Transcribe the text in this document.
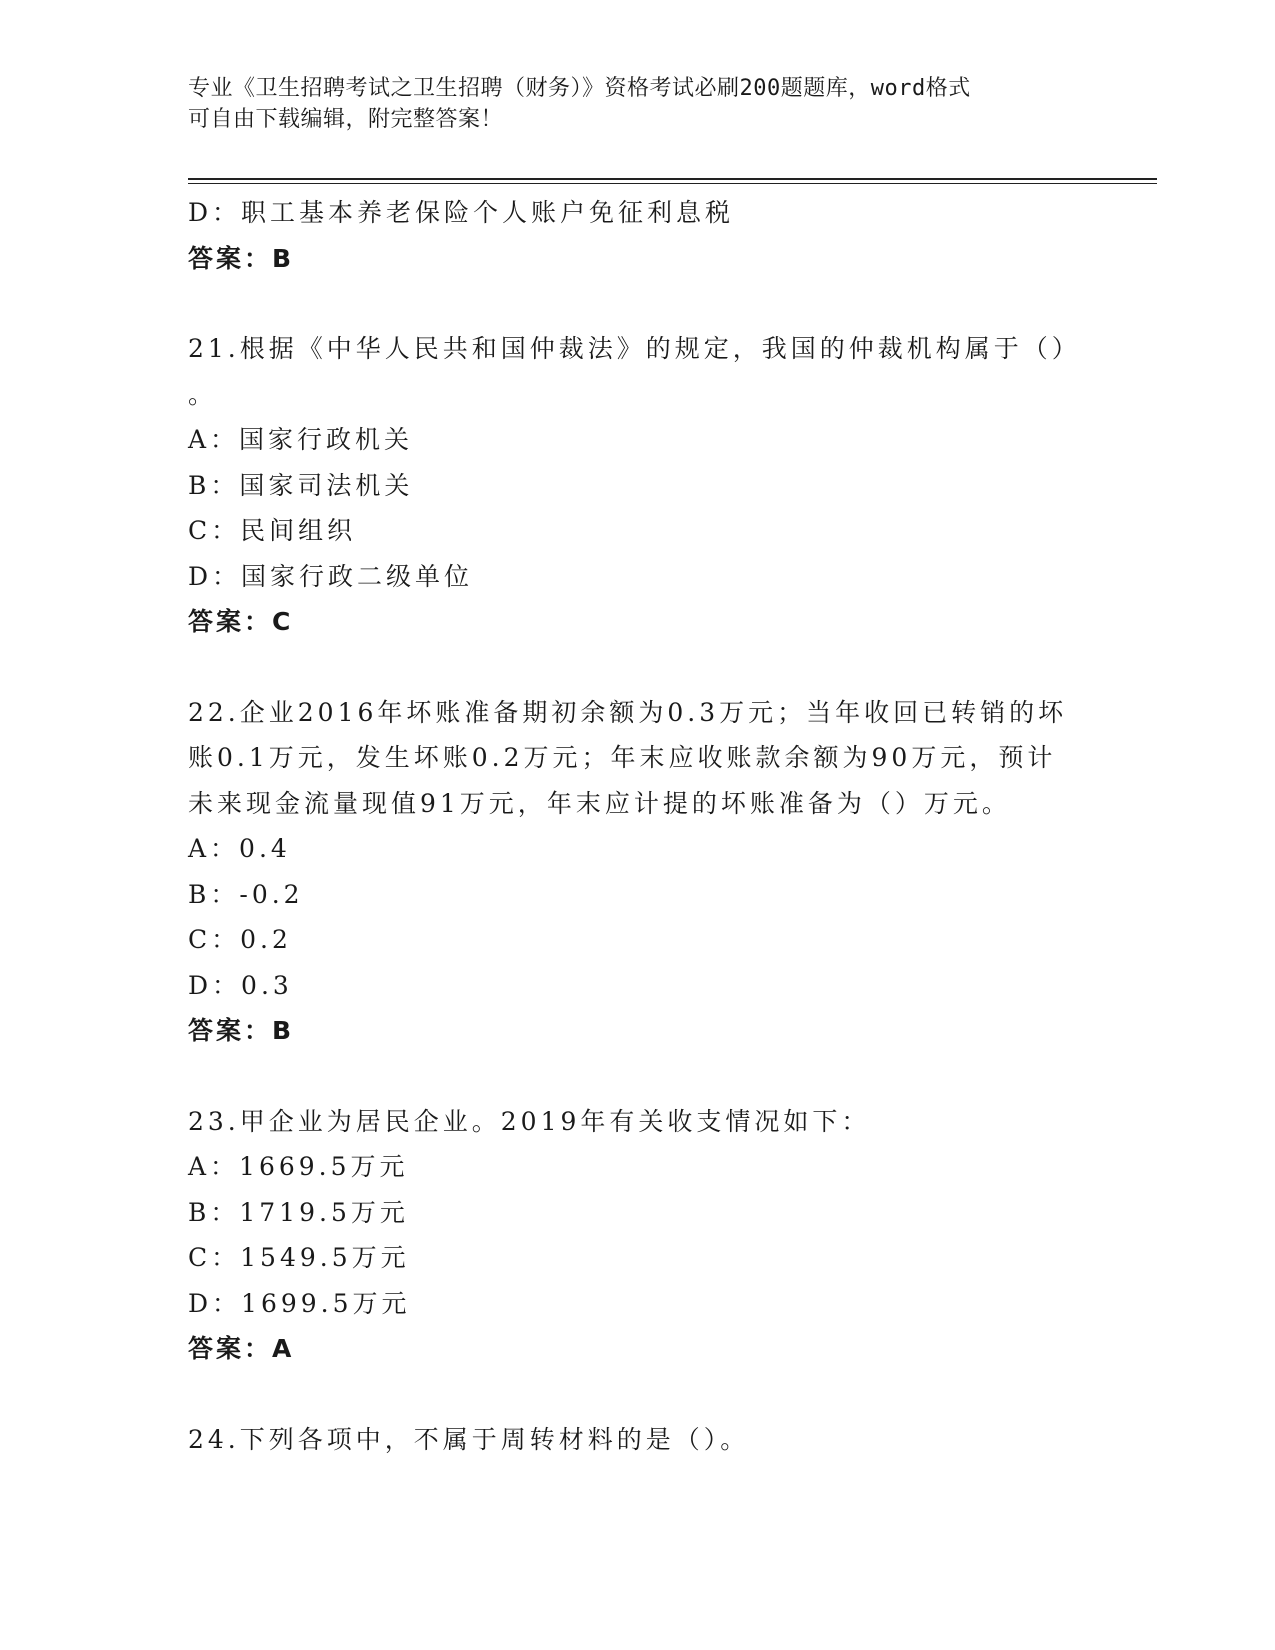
专业《卫生招聘考试之卫生招聘（财务）》资格考试必刷200题题库，word格式
可自由下载编辑，附完整答案！
D：职工基本养老保险个人账户免征利息税
答案：B
21.根据《中华人民共和国仲裁法》的规定，我国的仲裁机构属于（）
。
A：国家行政机关
B：国家司法机关
C：民间组织
D：国家行政二级单位
答案：C
22.企业2016年坏账准备期初余额为0.3万元；当年收回已转销的坏
账0.1万元，发生坏账0.2万元；年末应收账款余额为90万元，预计
未来现金流量现值91万元，年末应计提的坏账准备为（）万元。
A：0.4
B：-0.2
C：0.2
D：0.3
答案：B
23.甲企业为居民企业。2019年有关收支情况如下：
A：1669.5万元
B：1719.5万元
C：1549.5万元
D：1699.5万元
答案：A
24.下列各项中，不属于周转材料的是（）。
